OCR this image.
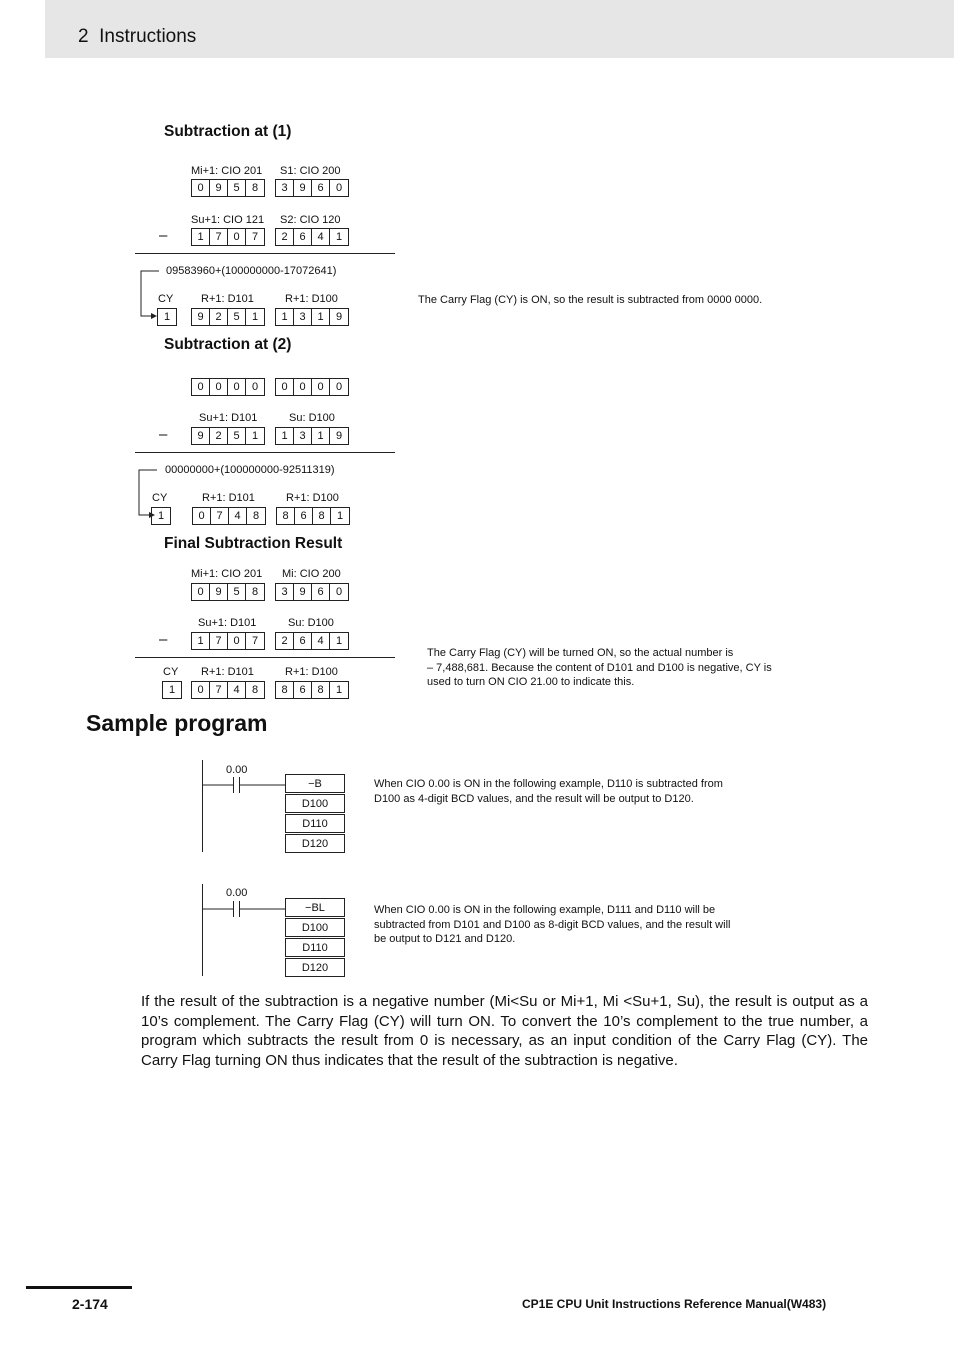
2 Instructions
Subtraction at (1)
Mi+1: CIO 201 S1: CIO 200
0	9	5	8	3	9	6	0
Su+1: CIO 121 S2: CIO 120
–	1	7	0	7	2	6	4	1
09583960+(100000000-17072641)
CY	R+1: D101	R+1: D100
1	9	2	5	1	1	3	1	9
The Carry Flag (CY) is ON, so the result is subtracted from 0000 0000.
Subtraction at (2)
0	0	0	0	0	0	0	0
Su+1: D101	Su: D100
–	9	2	5	1	1	3	1	9
00000000+(100000000-92511319)
CY	R+1: D101	R+1: D100
1	0	7	4	8	8	6	8	1
Final Subtraction Result
Mi+1: CIO 201 Mi: CIO 200
0	9	5	8	3	9	6	0
Su+1: D101	Su: D100
–	1	7	0	7	2	6	4	1
CY R+1: D101	R+1: D100
1	0	7	4	8	8	6	8	1
The Carry Flag (CY) will be turned ON, so the actual number is
– 7,488,681. Because the content of D101 and D100 is negative, CY is
used to turn ON CIO 21.00 to indicate this.
Sample program
0.00
−B
D100
D110
D120
When CIO 0.00 is ON in the following example, D110 is subtracted from
D100 as 4-digit BCD values, and the result will be output to D120.
0.00
−BL
D100
D110
D120
When CIO 0.00 is ON in the following example, D111 and D110 will be
subtracted from D101 and D100 as 8-digit BCD values, and the result will
be output to D121 and D120.
If the result of the subtraction is a negative number (Mi<Su or Mi+1, Mi <Su+1, Su), the result is output as a 10’s complement. The Carry Flag (CY) will turn ON. To convert the 10’s complement to the true number, a program which subtracts the result from 0 is necessary, as an input condition of the Carry Flag (CY). The Carry Flag turning ON thus indicates that the result of the subtraction is negative.
2-174	CP1E CPU Unit Instructions Reference Manual(W483)
